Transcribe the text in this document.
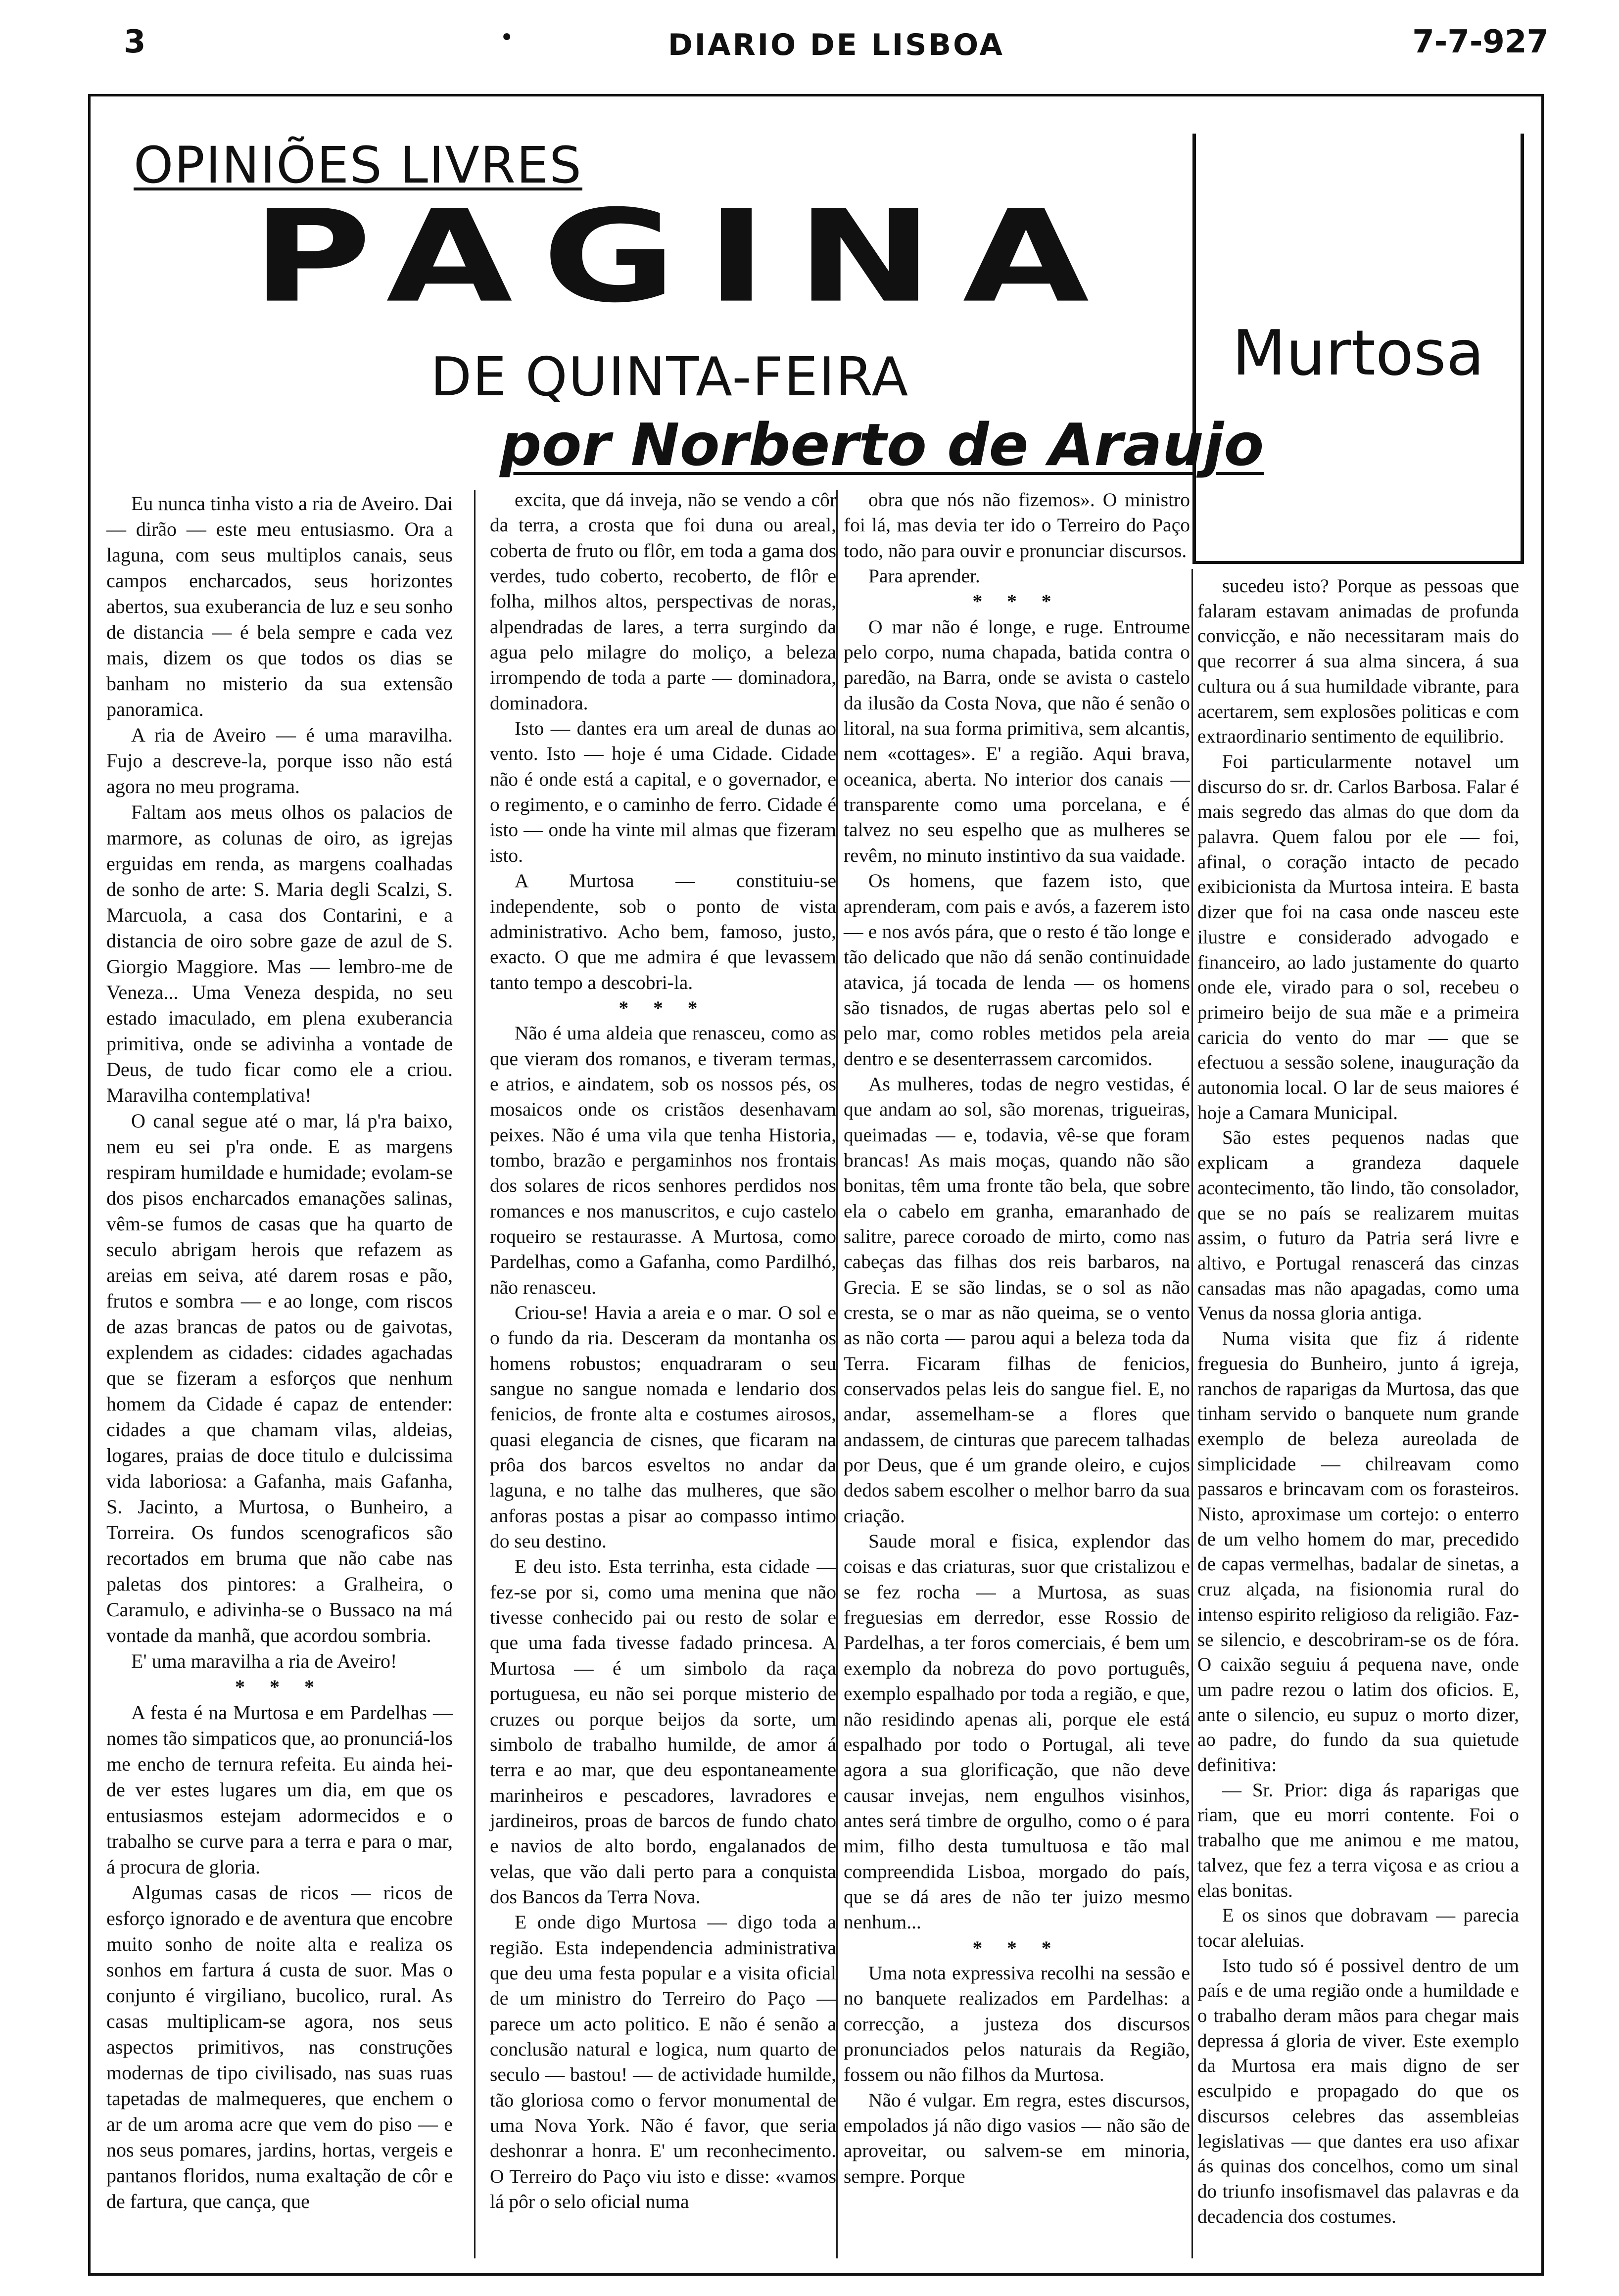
3	•	DIARIO DE LISBOA	7-7-927
OPINIÕES LIVRES
PAGINA
DE QUINTA-FEIRA
por Norberto de Araujo
Murtosa

Eu nunca tinha visto a ria de Aveiro. Dai — dirão — este meu entusiasmo. Ora a laguna, com seus multiplos canais, seus campos encharcados, seus horizontes abertos, sua exuberancia de luz e seu sonho de distancia — é bela sempre e cada vez mais, dizem os que todos os dias se banham no misterio da sua extensão panoramica.

A ria de Aveiro — é uma maravilha. Fujo a descreve-la, porque isso não está agora no meu programa.

Faltam aos meus olhos os palacios de marmore, as colunas de oiro, as igrejas erguidas em renda, as margens coalhadas de sonho de arte: S. Maria degli Scalzi, S. Marcuola, a casa dos Contarini, e a distancia de oiro sobre gaze de azul de S. Giorgio Maggiore. Mas — lembro-me de Veneza... Uma Veneza despida, no seu estado imaculado, em plena exuberancia primitiva, onde se adivinha a vontade de Deus, de tudo ficar como ele a criou. Maravilha contemplativa!

O canal segue até o mar, lá p'ra baixo, nem eu sei p'ra onde. E as margens respiram humildade e humidade; evolam-se dos pisos encharcados emanações salinas, vêm-se fumos de casas que ha quarto de seculo abrigam herois que refazem as areias em seiva, até darem rosas e pão, frutos e sombra — e ao longe, com riscos de azas brancas de patos ou de gaivotas, explendem as cidades: cidades agachadas que se fizeram a esforços que nenhum homem da Cidade é capaz de entender: cidades a que chamam vilas, aldeias, logares, praias de doce titulo e dulcissima vida laboriosa: a Gafanha, mais Gafanha, S. Jacinto, a Murtosa, o Bunheiro, a Torreira. Os fundos scenograficos são recortados em bruma que não cabe nas paletas dos pintores: a Gralheira, o Caramulo, e adivinha-se o Bussaco na má vontade da manhã, que acordou sombria.

E' uma maravilha a ria de Aveiro!

* * *

A festa é na Murtosa e em Pardelhas — nomes tão simpaticos que, ao pronunciá-los me encho de ternura refeita. Eu ainda hei-de ver estes lugares um dia, em que os entusiasmos estejam adormecidos e o trabalho se curve para a terra e para o mar, á procura de gloria.

Algumas casas de ricos — ricos de esforço ignorado e de aventura que encobre muito sonho de noite alta e realiza os sonhos em fartura á custa de suor. Mas o conjunto é virgiliano, bucolico, rural. As casas multiplicam-se agora, nos seus aspectos primitivos, nas construções modernas de tipo civilisado, nas suas ruas tapetadas de malmequeres, que enchem o ar de um aroma acre que vem do piso — e nos seus pomares, jardins, hortas, vergeis e pantanos floridos, numa exaltação de côr e de fartura, que cança, que

excita, que dá inveja, não se vendo a côr da terra, a crosta que foi duna ou areal, coberta de fruto ou flôr, em toda a gama dos verdes, tudo coberto, recoberto, de flôr e folha, milhos altos, perspectivas de noras, alpendradas de lares, a terra surgindo da agua pelo milagre do moliço, a beleza irrompendo de toda a parte — dominadora, dominadora.

Isto — dantes era um areal de dunas ao vento. Isto — hoje é uma Cidade. Cidade não é onde está a capital, e o governador, e o regimento, e o caminho de ferro. Cidade é isto — onde ha vinte mil almas que fizeram isto.

A Murtosa — constituiu-se independente, sob o ponto de vista administrativo. Acho bem, famoso, justo, exacto. O que me admira é que levassem tanto tempo a descobri-la.

* * *

Não é uma aldeia que renasceu, como as que vieram dos romanos, e tiveram termas, e atrios, e aindatem, sob os nossos pés, os mosaicos onde os cristãos desenhavam peixes. Não é uma vila que tenha Historia, tombo, brazão e pergaminhos nos frontais dos solares de ricos senhores perdidos nos romances e nos manuscritos, e cujo castelo roqueiro se restaurasse. A Murtosa, como Pardelhas, como a Gafanha, como Pardilhó, não renasceu.

Criou-se! Havia a areia e o mar. O sol e o fundo da ria. Desceram da montanha os homens robustos; enquadraram o seu sangue no sangue nomada e lendario dos fenicios, de fronte alta e costumes airosos, quasi elegancia de cisnes, que ficaram na prôa dos barcos esveltos no andar da laguna, e no talhe das mulheres, que são anforas postas a pisar ao compasso intimo do seu destino.

E deu isto. Esta terrinha, esta cidade — fez-se por si, como uma menina que não tivesse conhecido pai ou resto de solar e que uma fada tivesse fadado princesa. A Murtosa — é um simbolo da raça portuguesa, eu não sei porque misterio de cruzes ou porque beijos da sorte, um simbolo de trabalho humilde, de amor á terra e ao mar, que deu espontaneamente marinheiros e pescadores, lavradores e jardineiros, proas de barcos de fundo chato e navios de alto bordo, engalanados de velas, que vão dali perto para a conquista dos Bancos da Terra Nova.

E onde digo Murtosa — digo toda a região. Esta independencia administrativa que deu uma festa popular e a visita oficial de um ministro do Terreiro do Paço — parece um acto politico. E não é senão a conclusão natural e logica, num quarto de seculo — bastou! — de actividade humilde, tão gloriosa como o fervor monumental de uma Nova York. Não é favor, que seria deshonrar a honra. E' um reconhecimento. O Terreiro do Paço viu isto e disse: «vamos lá pôr o selo oficial numa

obra que nós não fizemos». O ministro foi lá, mas devia ter ido o Terreiro do Paço todo, não para ouvir e pronunciar discursos.

Para aprender.

* * *

O mar não é longe, e ruge. Entroume pelo corpo, numa chapada, batida contra o paredão, na Barra, onde se avista o castelo da ilusão da Costa Nova, que não é senão o litoral, na sua forma primitiva, sem alcantis, nem «cottages». E' a região. Aqui brava, oceanica, aberta. No interior dos canais — transparente como uma porcelana, e é talvez no seu espelho que as mulheres se revêm, no minuto instintivo da sua vaidade.

Os homens, que fazem isto, que aprenderam, com pais e avós, a fazerem isto — e nos avós pára, que o resto é tão longe e tão delicado que não dá senão continuidade atavica, já tocada de lenda — os homens são tisnados, de rugas abertas pelo sol e pelo mar, como robles metidos pela areia dentro e se desenterrassem carcomidos.

As mulheres, todas de negro vestidas, é que andam ao sol, são morenas, trigueiras, queimadas — e, todavia, vê-se que foram brancas! As mais moças, quando não são bonitas, têm uma fronte tão bela, que sobre ela o cabelo em granha, emaranhado de salitre, parece coroado de mirto, como nas cabeças das filhas dos reis barbaros, na Grecia. E se são lindas, se o sol as não cresta, se o mar as não queima, se o vento as não corta — parou aqui a beleza toda da Terra. Ficaram filhas de fenicios, conservados pelas leis do sangue fiel. E, no andar, assemelham-se a flores que andassem, de cinturas que parecem talhadas por Deus, que é um grande oleiro, e cujos dedos sabem escolher o melhor barro da sua criação.

Saude moral e fisica, explendor das coisas e das criaturas, suor que cristalizou e se fez rocha — a Murtosa, as suas freguesias em derredor, esse Rossio de Pardelhas, a ter foros comerciais, é bem um exemplo da nobreza do povo português, exemplo espalhado por toda a região, e que, não residindo apenas ali, porque ele está espalhado por todo o Portugal, ali teve agora a sua glorificação, que não deve causar invejas, nem engulhos visinhos, antes será timbre de orgulho, como o é para mim, filho desta tumultuosa e tão mal compreendida Lisboa, morgado do país, que se dá ares de não ter juizo mesmo nenhum...

* * *

Uma nota expressiva recolhi na sessão e no banquete realizados em Pardelhas: a correcção, a justeza dos discursos pronunciados pelos naturais da Região, fossem ou não filhos da Murtosa.

Não é vulgar. Em regra, estes discursos, empolados já não digo vasios — não são de aproveitar, ou salvem-se em minoria, sempre. Porque

sucedeu isto? Porque as pessoas que falaram estavam animadas de profunda convicção, e não necessitaram mais do que recorrer á sua alma sincera, á sua cultura ou á sua humildade vibrante, para acertarem, sem explosões politicas e com extraordinario sentimento de equilibrio.

Foi particularmente notavel um discurso do sr. dr. Carlos Barbosa. Falar é mais segredo das almas do que dom da palavra. Quem falou por ele — foi, afinal, o coração intacto de pecado exibicionista da Murtosa inteira. E basta dizer que foi na casa onde nasceu este ilustre e considerado advogado e financeiro, ao lado justamente do quarto onde ele, virado para o sol, recebeu o primeiro beijo de sua mãe e a primeira caricia do vento do mar — que se efectuou a sessão solene, inauguração da autonomia local. O lar de seus maiores é hoje a Camara Municipal.

São estes pequenos nadas que explicam a grandeza daquele acontecimento, tão lindo, tão consolador, que se no país se realizarem muitas assim, o futuro da Patria será livre e altivo, e Portugal renascerá das cinzas cansadas mas não apagadas, como uma Venus da nossa gloria antiga.

Numa visita que fiz á ridente freguesia do Bunheiro, junto á igreja, ranchos de raparigas da Murtosa, das que tinham servido o banquete num grande exemplo de beleza aureolada de simplicidade — chilreavam como passaros e brincavam com os forasteiros. Nisto, aproximase um cortejo: o enterro de um velho homem do mar, precedido de capas vermelhas, badalar de sinetas, a cruz alçada, na fisionomia rural do intenso espirito religioso da religião. Faz-se silencio, e descobriram-se os de fóra. O caixão seguiu á pequena nave, onde um padre rezou o latim dos oficios. E, ante o silencio, eu supuz o morto dizer, ao padre, do fundo da sua quietude definitiva:

— Sr. Prior: diga ás raparigas que riam, que eu morri contente. Foi o trabalho que me animou e me matou, talvez, que fez a terra viçosa e as criou a elas bonitas.

E os sinos que dobravam — parecia tocar aleluias.

Isto tudo só é possivel dentro de um país e de uma região onde a humildade e o trabalho deram mãos para chegar mais depressa á gloria de viver. Este exemplo da Murtosa era mais digno de ser esculpido e propagado do que os discursos celebres das assembleias legislativas — que dantes era uso afixar ás quinas dos concelhos, como um sinal do triunfo insofismavel das palavras e da decadencia dos costumes.
